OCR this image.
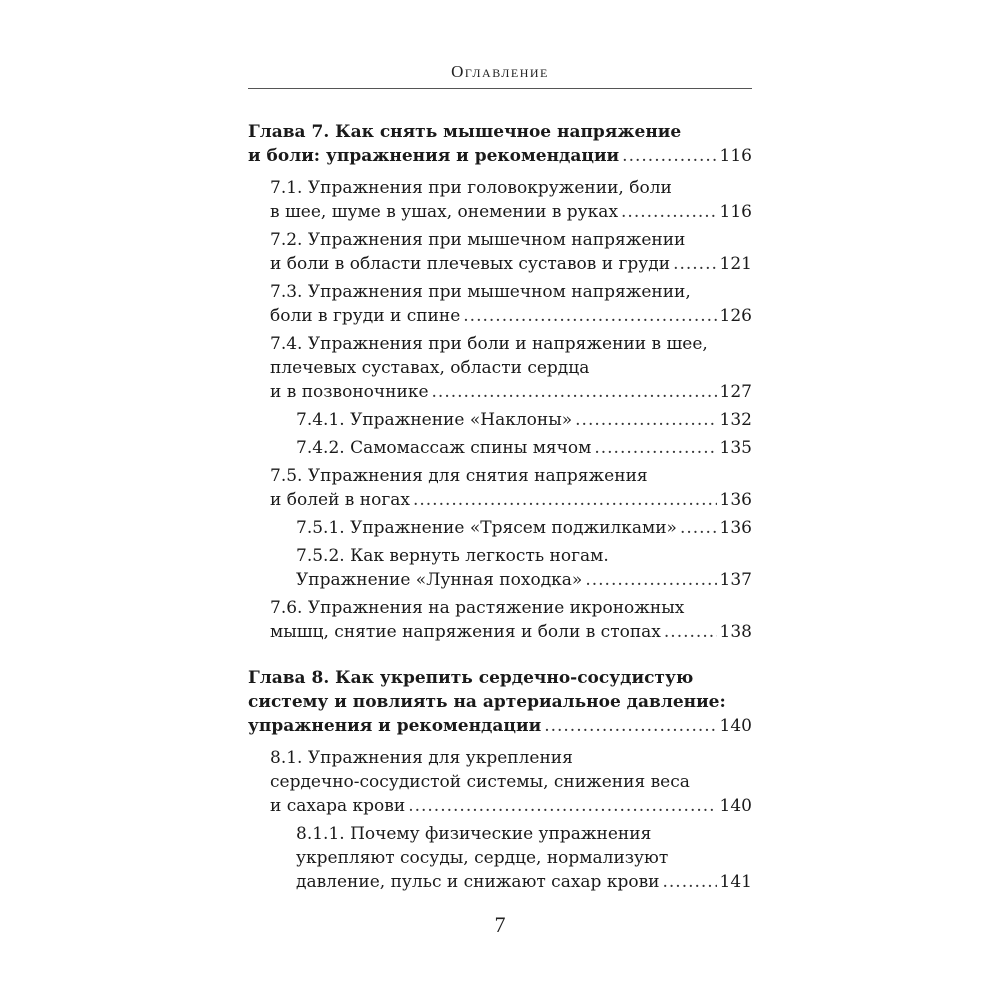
Оглавление
Глава 7. Как снять мышечное напряжение
и боли: упражнения и рекомендации .....	116
7.1. Упражнения при головокружении, боли
в шее, шуме в ушах, онемении в руках .....	116
7.2. Упражнения при мышечном напряжении
и боли в области плечевых суставов и груди .....	121
7.3. Упражнения при мышечном напряжении,
боли в груди и спине .....	126
7.4. Упражнения при боли и напряжении в шее,
плечевых суставах, области сердца
и в позвоночнике .....	127
7.4.1. Упражнение «Наклоны» .....	132
7.4.2. Самомассаж спины мячом .....	135
7.5. Упражнения для снятия напряжения
и болей в ногах .....	136
7.5.1. Упражнение «Трясем поджилками» .....	136
7.5.2. Как вернуть легкость ногам.
Упражнение «Лунная походка» .....	137
7.6. Упражнения на растяжение икроножных
мышц, снятие напряжения и боли в стопах .....	138
Глава 8. Как укрепить сердечно-сосудистую
систему и повлиять на артериальное давление:
упражнения и рекомендации .....	140
8.1. Упражнения для укрепления
сердечно-сосудистой системы, снижения веса
и сахара крови .....	140
8.1.1. Почему физические упражнения
укрепляют сосуды, сердце, нормализуют
давление, пульс и снижают сахар крови .....	141
7
